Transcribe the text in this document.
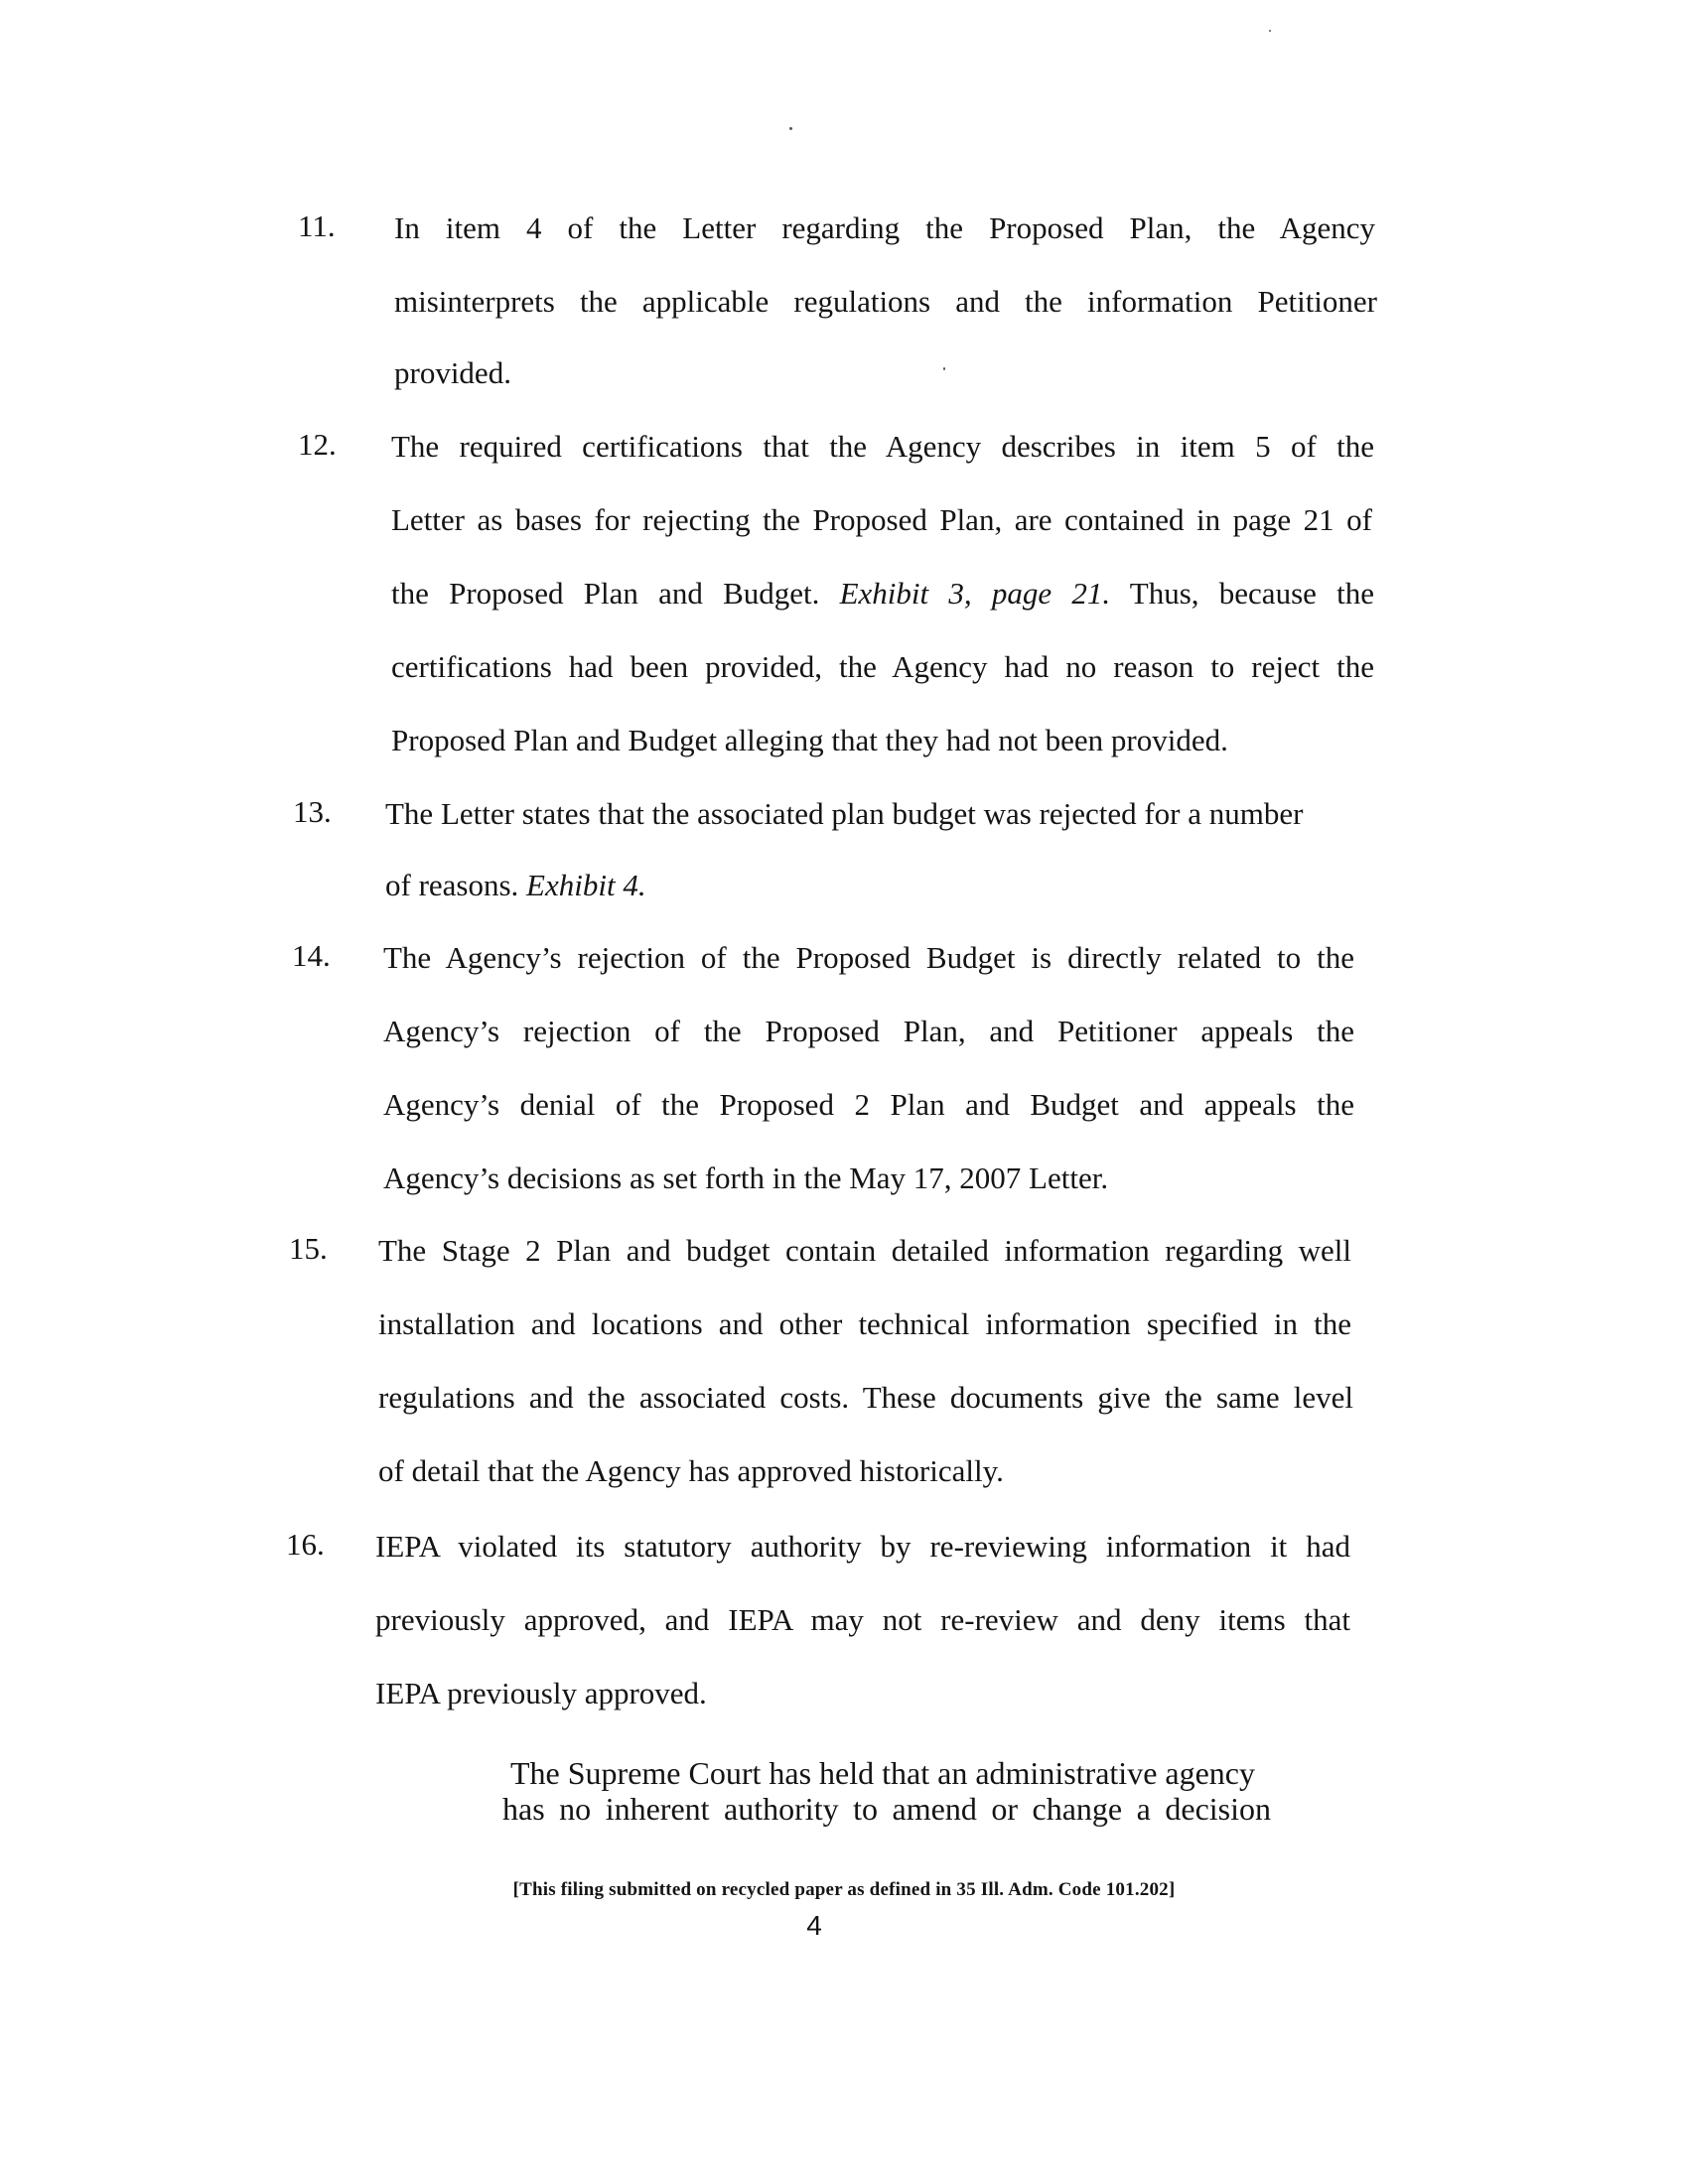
11.	In item 4 of the Letter regarding the Proposed Plan, the Agency
misinterprets the applicable regulations and the information Petitioner
provided.
12.	The required certifications that the Agency describes in item 5 of the
Letter as bases for rejecting the Proposed Plan, are contained in page 21 of
the Proposed Plan and Budget. Exhibit 3, page 21. Thus, because the
certifications had been provided, the Agency had no reason to reject the
Proposed Plan and Budget alleging that they had not been provided.
13.	The Letter states that the associated plan budget was rejected for a number
of reasons. Exhibit 4.
14.	The Agency’s rejection of the Proposed Budget is directly related to the
Agency’s rejection of the Proposed Plan, and Petitioner appeals the
Agency’s denial of the Proposed 2 Plan and Budget and appeals the
Agency’s decisions as set forth in the May 17, 2007 Letter.
15.	The Stage 2 Plan and budget contain detailed information regarding well
installation and locations and other technical information specified in the
regulations and the associated costs. These documents give the same level
of detail that the Agency has approved historically.
16.	IEPA violated its statutory authority by re-reviewing information it had
previously approved, and IEPA may not re-review and deny items that
IEPA previously approved.
The Supreme Court has held that an administrative agency
has no inherent authority to amend or change a decision
[This filing submitted on recycled paper as defined in 35 Ill. Adm. Code 101.202]
4
